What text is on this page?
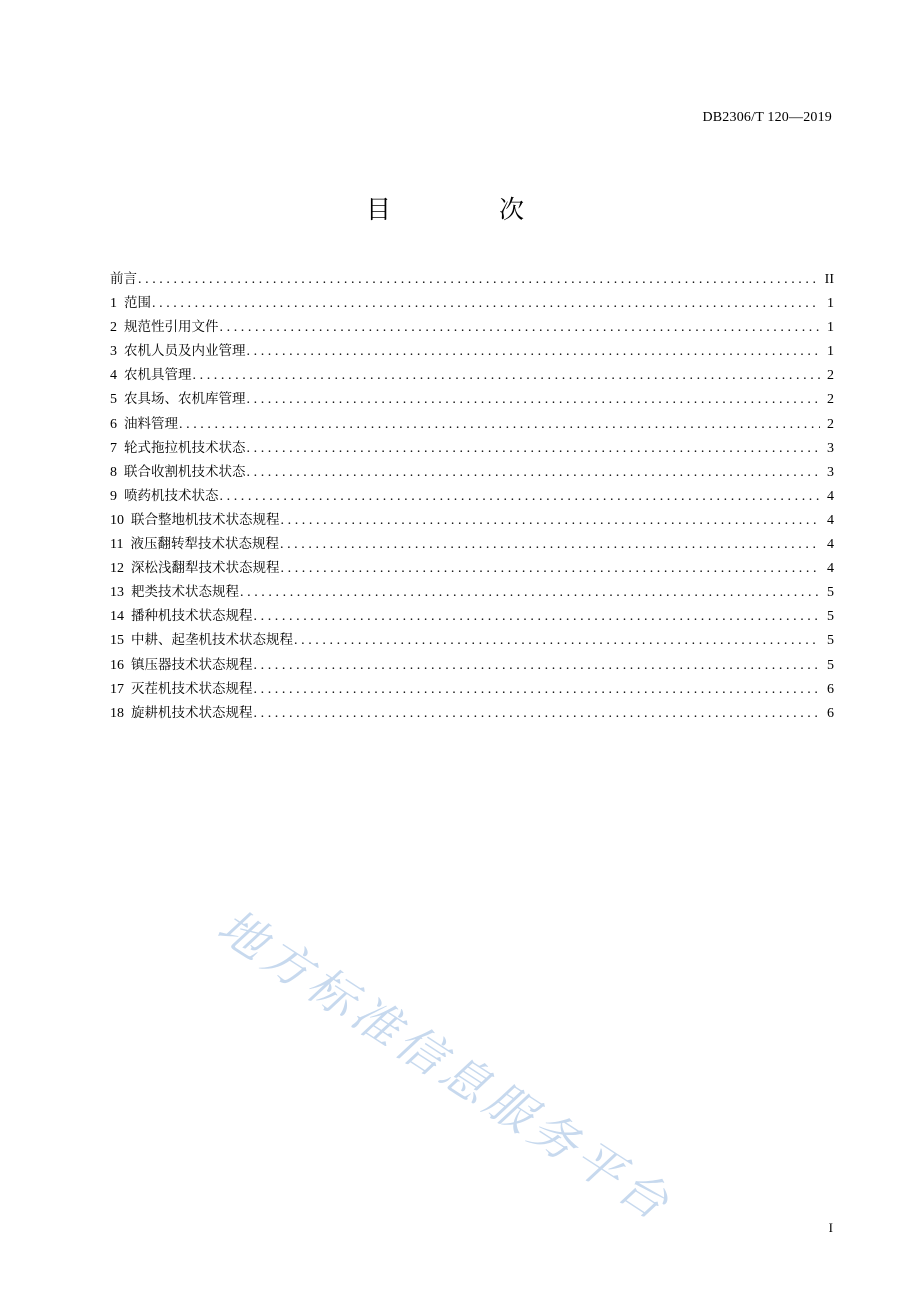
DB2306/T 120—2019
目 次
前言 .....	II
1 范围 .....	1
2 规范性引用文件 .....	1
3 农机人员及内业管理 .....	1
4 农机具管理 .....	2
5 农具场、农机库管理 .....	2
6 油料管理 .....	2
7 轮式拖拉机技术状态 .....	3
8 联合收割机技术状态 .....	3
9 喷药机技术状态 .....	4
10 联合整地机技术状态规程 .....	4
11 液压翻转犁技术状态规程 .....	4
12 深松浅翻犁技术状态规程 .....	4
13 耙类技术状态规程 .....	5
14 播种机技术状态规程 .....	5
15 中耕、起垄机技术状态规程 .....	5
16 镇压器技术状态规程 .....	5
17 灭茬机技术状态规程 .....	6
18 旋耕机技术状态规程 .....	6
地方标准信息服务平台	I
